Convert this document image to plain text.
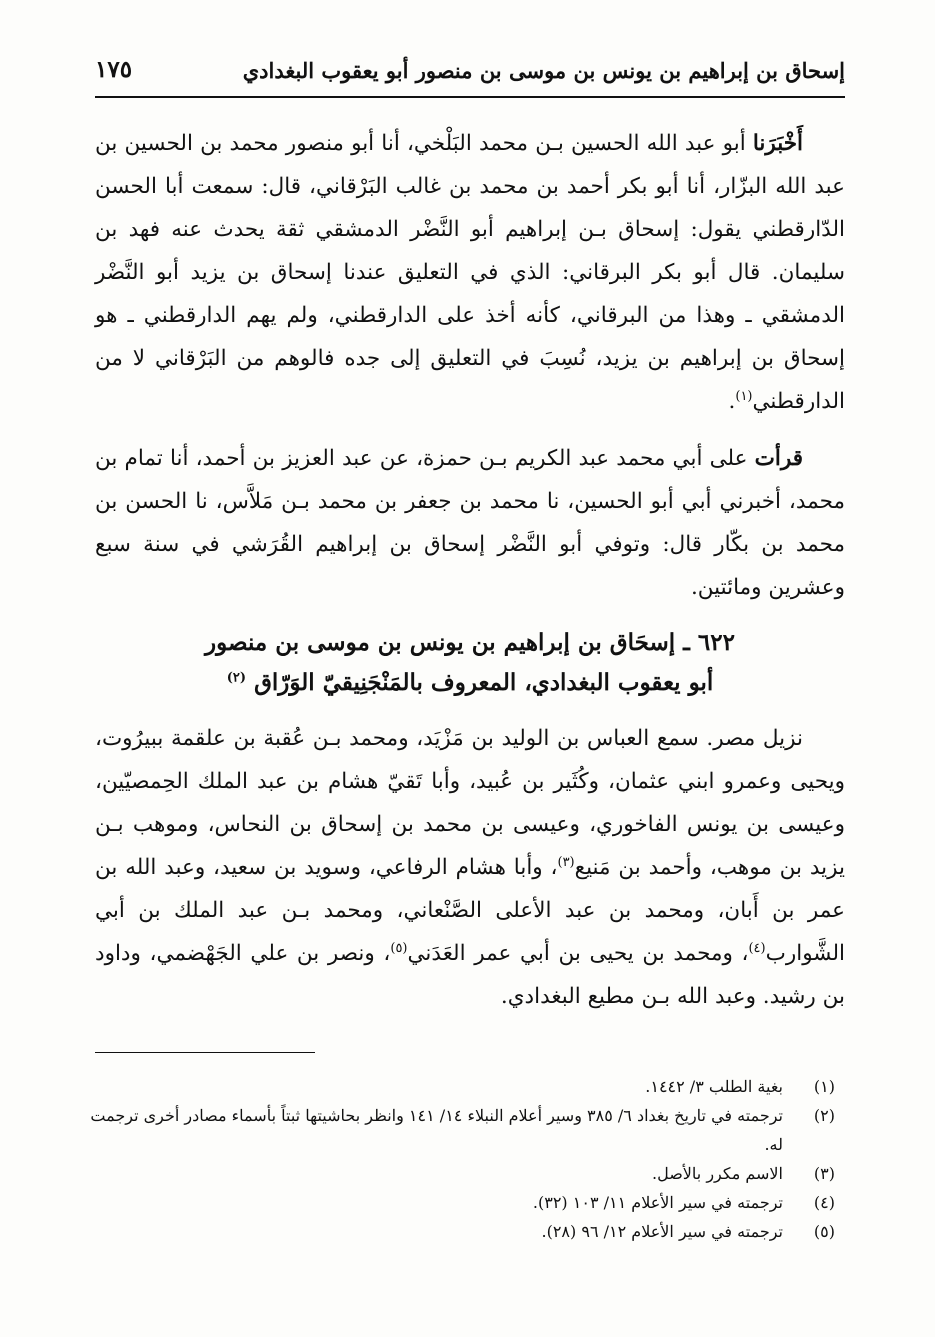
إسحاق بن إبراهيم بن يونس بن موسى بن منصور أبو يعقوب البغدادي
١٧٥

أَخْبَرَنا أبو عبد الله الحسين بـن محمد البَلْخي، أنا أبو منصور محمد بن الحسين بن عبد الله البزّار، أنا أبو بكر أحمد بن محمد بن غالب البَرْقاني، قال: سمعت أبا الحسن الدّارقطني يقول: إسحاق بـن إبراهيم أبو النَّضْر الدمشقي ثقة يحدث عنه فهد بن سليمان. قال أبو بكر البرقاني: الذي في التعليق عندنا إسحاق بن يزيد أبو النَّضْر الدمشقي ـ وهذا من البرقاني، كأنه أخذ على الدارقطني، ولم يهم الدارقطني ـ هو إسحاق بن إبراهيم بن يزيد، نُسِبَ في التعليق إلى جده فالوهم من البَرْقاني لا من الدارقطني$^{(١)}$.

قرأت على أبي محمد عبد الكريم بـن حمزة، عن عبد العزيز بن أحمد، أنا تمام بن محمد، أخبرني أبي أبو الحسين، نا محمد بن جعفر بن محمد بـن مَلاَّس، نا الحسن بن محمد بن بكّار قال: وتوفي أبو النَّضْر إسحاق بن إبراهيم القُرَشي في سنة سبع وعشرين ومائتين.

٦٢٢ ـ إسحَاق بن إبراهيم بن يونس بن موسى بن منصور
أبو يعقوب البغدادي، المعروف بالمَنْجَنِيقيّ الوَرّاق $^{(٢)}$

نزيل مصر. سمع العباس بن الوليد بن مَزْيَد، ومحمد بـن عُقبة بن علقمة ببيرُوت، ويحيى وعمرو ابني عثمان، وكُثَير بن عُبيد، وأبا تَقيّ هشام بن عبد الملك الحِمصيّين، وعيسى بن يونس الفاخوري، وعيسى بن محمد بن إسحاق بن النحاس، وموهب بـن يزيد بن موهب، وأحمد بن مَنيع$^{(٣)}$، وأبا هشام الرفاعي، وسويد بن سعيد، وعبد الله بن عمر بن أَبان، ومحمد بن عبد الأعلى الصَّنْعاني، ومحمد بـن عبد الملك بن أبي الشَّوارب$^{(٤)}$، ومحمد بن يحيى بن أبي عمر العَدَني$^{(٥)}$، ونصر بن علي الجَهْضمي، وداود بن رشيد. وعبد الله بـن مطيع البغدادي.

(١)
بغية الطلب ٣/ ١٤٤٢.
(٢)
ترجمته في تاريخ بغداد ٦/ ٣٨٥ وسير أعلام النبلاء ١٤/ ١٤١ وانظر بحاشيتها ثبتاً بأسماء مصادر أخرى ترجمت له.
(٣)
الاسم مكرر بالأصل.
(٤)
ترجمته في سير الأعلام ١١/ ١٠٣ (٣٢).
(٥)
ترجمته في سير الأعلام ١٢/ ٩٦ (٢٨).
